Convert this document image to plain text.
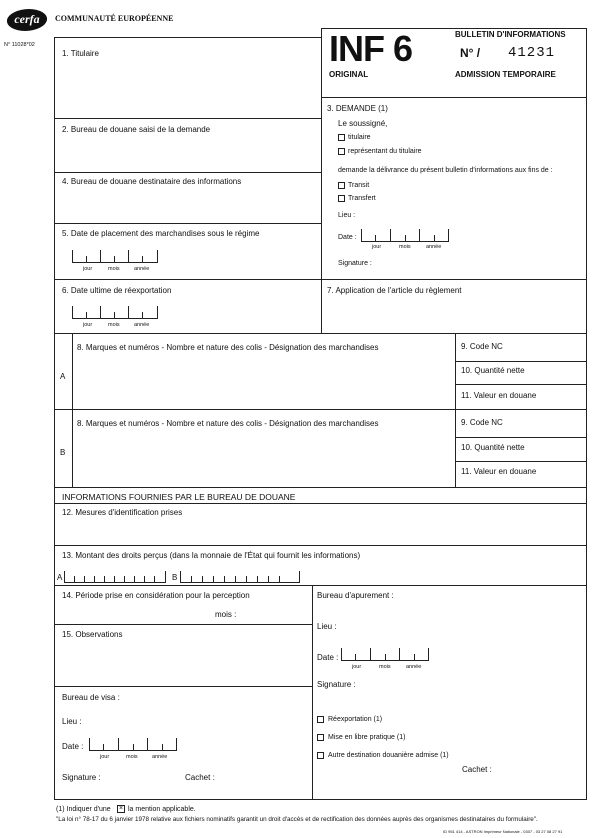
cerfa	COMMUNAUTÉ EUROPÉENNE
N° 11028*02	INF 6
ORIGINAL
BULLETIN D'INFORMATIONS
N° / 41231
ADMISSION TEMPORAIRE
1. Titulaire
2. Bureau de douane saisi de la demande
4. Bureau de douane destinataire des informations
5. Date de placement des marchandises sous le régime
jour	mois	année
6. Date ultime de réexportation
jour	mois	année
3. DEMANDE (1)
Le soussigné,
titulaire
représentant du titulaire
demande la délivrance du présent bulletin d'informations aux fins de :
Transit
Transfert
Lieu :
Date :
jour	mois	année
Signature :
7. Application de l'article du règlement
8. Marques et numéros - Nombre et nature des colis - Désignation des marchandises
A
9. Code NC
10. Quantité nette
11. Valeur en douane
8. Marques et numéros - Nombre et nature des colis - Désignation des marchandises
B
9. Code NC
10. Quantité nette
11. Valeur en douane
INFORMATIONS FOURNIES PAR LE BUREAU DE DOUANE
12. Mesures d'identification prises
13. Montant des droits perçus (dans la monnaie de l'État qui fournit les informations)
A	B
14. Période prise en considération pour la perception
mois :
15. Observations
Bureau de visa :
Lieu :
Date :
jour	mois	année
Signature :	Cachet :
Bureau d'apurement :
Lieu :
Date :
jour	mois	année
Signature :
Réexportation (1)
Mise en libre pratique (1)
Autre destination douanière admise (1)
Cachet :
(1) Indiquer d'une × la mention applicable.
"La loi n° 78-17 du 6 janvier 1978 relative aux fichiers nominatifs garantit un droit d'accès et de rectification des données auprès des organismes destinataires du formulaire".
ID 951 414 - ASTRON Imprimeur Nationale - 0307 - 03 27 08 27 91
